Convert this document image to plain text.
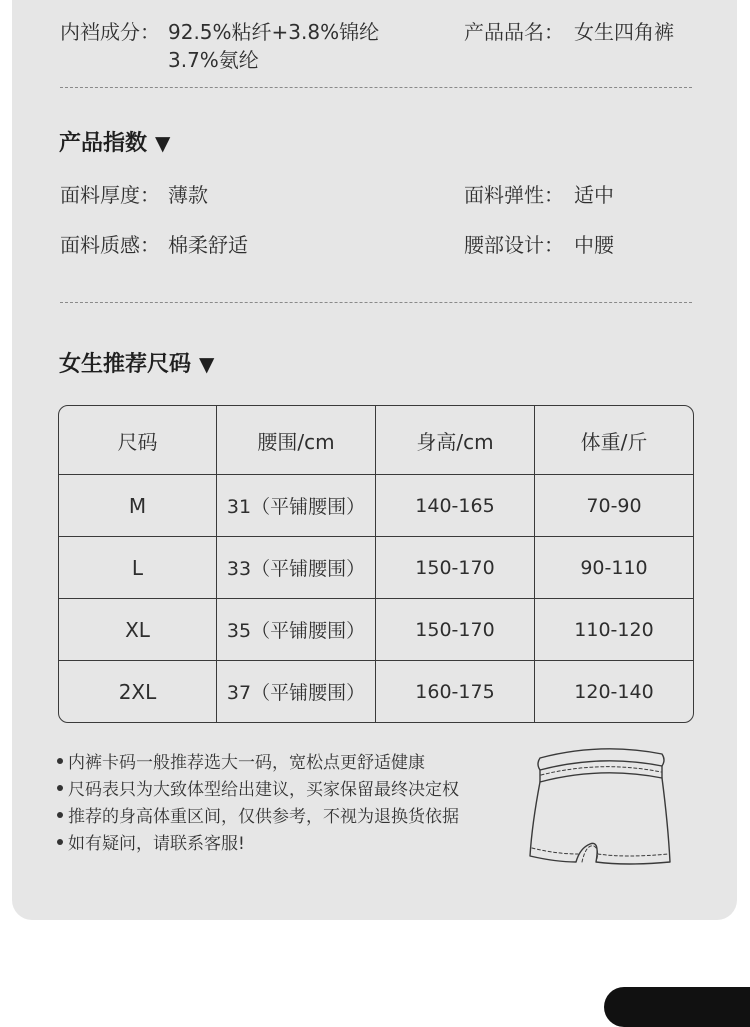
内裆成分： 92.5%粘纤+3.8%锦纶
3.7%氨纶
产品品名： 女生四角裤
产品指数 ▼
面料厚度： 薄款	面料弹性： 适中
面料质感： 棉柔舒适	腰部设计： 中腰
女生推荐尺码 ▼
尺码	腰围/cm	身高/cm	体重/斤
M	31（平铺腰围）	140-165	70-90
L	33（平铺腰围）	150-170	90-110
XL	35（平铺腰围）	150-170	110-120
2XL	37（平铺腰围）	160-175	120-140
内裤卡码一般推荐选大一码，宽松点更舒适健康
尺码表只为大致体型给出建议，买家保留最终决定权
推荐的身高体重区间，仅供参考，不视为退换货依据
如有疑问，请联系客服!
